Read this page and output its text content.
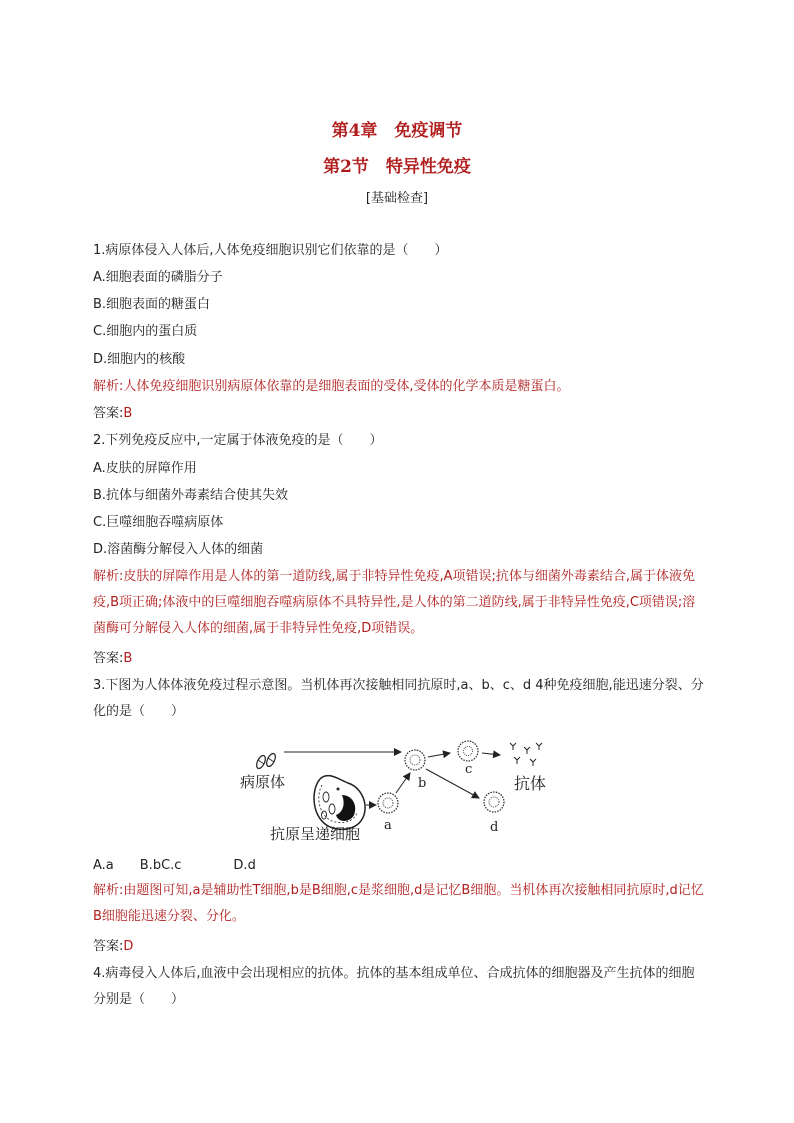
第4章　免疫调节
第2节　特异性免疫
[基础检查]
1.病原体侵入人体后,人体免疫细胞识别它们依靠的是（　　）
A.细胞表面的磷脂分子
B.细胞表面的糖蛋白
C.细胞内的蛋白质
D.细胞内的核酸
解析:人体免疫细胞识别病原体依靠的是细胞表面的受体,受体的化学本质是糖蛋白。
答案:B
2.下列免疫反应中,一定属于体液免疫的是（　　）
A.皮肤的屏障作用
B.抗体与细菌外毒素结合使其失效
C.巨噬细胞吞噬病原体
D.溶菌酶分解侵入人体的细菌
解析:皮肤的屏障作用是人体的第一道防线,属于非特异性免疫,A项错误;抗体与细菌外毒素结合,属于体液免疫,B项正确;体液中的巨噬细胞吞噬病原体不具特异性,是人体的第二道防线,属于非特异性免疫,C项错误;溶菌酶可分解侵入人体的细菌,属于非特异性免疫,D项错误。
答案:B
3.下图为人体体液免疫过程示意图。当机体再次接触相同抗原时,a、b、c、d 4种免疫细胞,能迅速分裂、分化的是（　　）
病原体
抗原呈递细胞 a
b
c
抗体
d
A.a　　B.bC.c　　　　D.d
解析:由题图可知,a是辅助性T细胞,b是B细胞,c是浆细胞,d是记忆B细胞。当机体再次接触相同抗原时,d记忆B细胞能迅速分裂、分化。
答案:D
4.病毒侵入人体后,血液中会出现相应的抗体。抗体的基本组成单位、合成抗体的细胞器及产生抗体的细胞分别是（　　）
